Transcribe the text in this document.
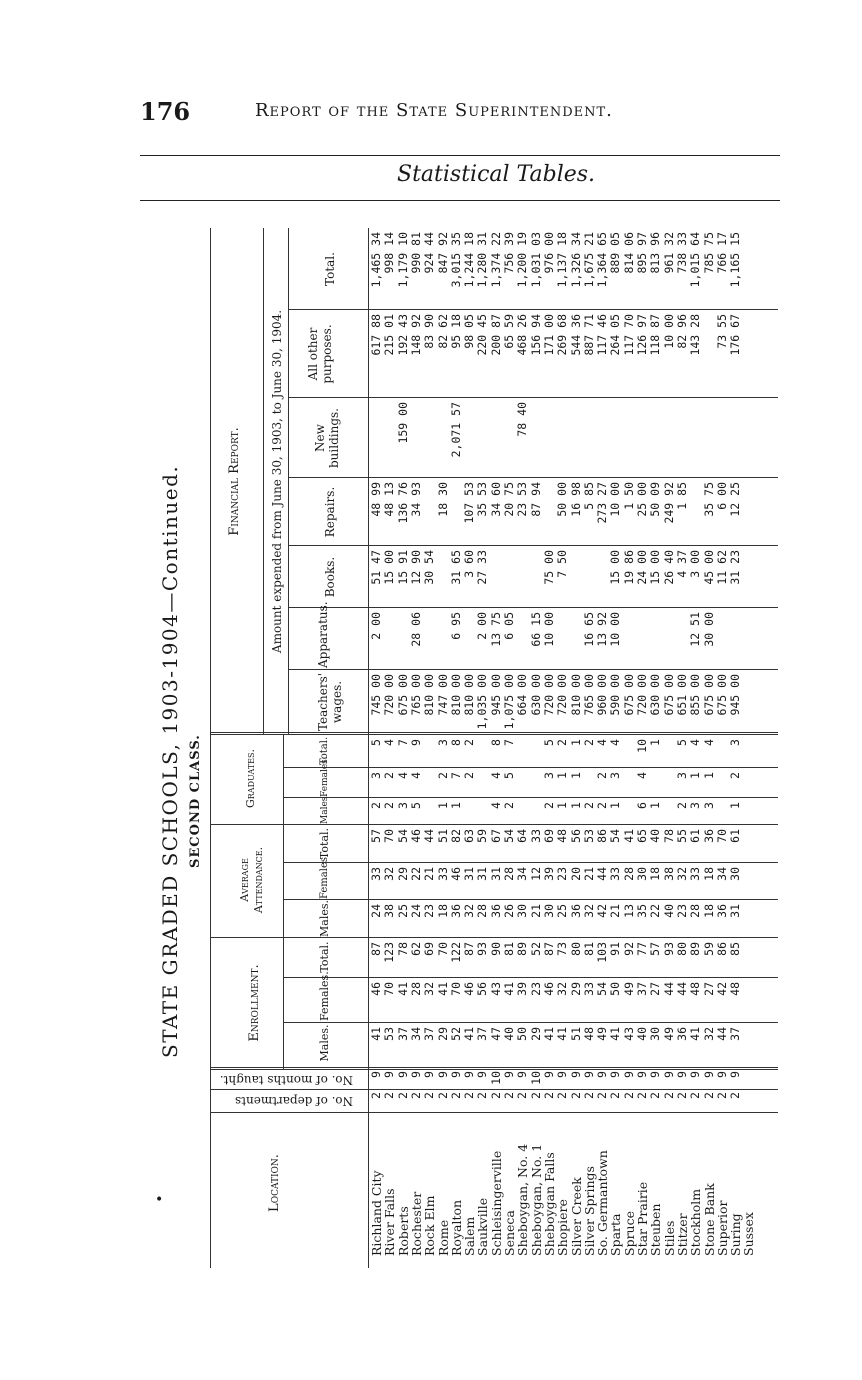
176	Report of the State Superintendent.
Statistical Tables.
•
STATE GRADED SCHOOLS, 1903-1904—Continued. SECOND CLASS.
Location.
No. of departments
No. of months taught.
Enrollment.
Average Attendance.
Graduates.
Males.
Females.
Total.
Males.
Females.
Total.
Males.
Females.
Total.
Financial Report. Amount expended from June 30, 1903, to June 30, 1904.
Teachers' wages.
Apparatus.
Books.
Repairs.
New buildings.
All other purposes.
Total.
Richland City
2
9
41
46
87
24
33
57
2
3
5
745 00
2 00
51 47
48 99
617 88
1,465 34
River Falls
2
9
53
70
123
38
32
70
2
2
4
720 00
15 00
48 13
215 01
998 14
Roberts
2
9
37
41
78
25
29
54
3
4
7
675 00
15 91
136 76
159 00
192 43
1,179 10
Rochester
2
9
34
28
62
24
22
46
5
4
9
765 00
28 06
12 90
34 93
148 92
990 81
Rock Elm
2
9
37
32
69
23
21
44
810 00
30 54
83 90
924 44
Rome
2
9
29
41
70
18
33
51
1
2
3
747 00
18 30
82 62
847 92
Royalton
2
9
52
70
122
36
46
82
1
7
8
810 00
6 95
31 65
2,071 57
95 18
3,015 35
Salem
2
9
41
46
87
32
31
63
2
2
810 00
3 60
107 53
98 05
1,244 18
Saukville
2
9
37
56
93
28
31
59
1,035 00
2 00
27 33
35 53
220 45
1,280 31
Schleisingerville
2
10
47
43
90
36
31
67
4
4
8
945 00
13 75
34 60
200 87
1,374 22
Seneca
2
9
40
41
81
26
28
54
2
5
7
1,075 00
6 05
20 75
65 59
756 39
Sheboygan, No. 4
2
9
50
39
89
30
34
64
664 00
23 53
78 40
468 26
1,200 19
Sheboygan, No. 1
2
10
29
23
52
21
12
33
630 00
66 15
87 94
156 94
1,031 03
Sheboygan Falls
2
9
41
46
87
30
39
69
2
3
5
720 00
10 00
75 00
171 00
976 00
Shopiere
2
9
41
32
73
25
23
48
1
1
2
720 00
7 50
50 00
269 68
1,137 18
Silver Creek
2
9
51
29
80
36
20
56
1
1
1
810 00
16 98
544 36
1,326 34
Silver Springs
2
9
48
33
81
32
21
53
2
2
765 00
16 65
5 85
887 71
1,675 21
So. Germantown
2
9
49
54
103
42
44
86
2
2
4
960 00
13 92
273 27
117 46
1,364 65
Sparta
2
9
41
50
91
21
33
54
1
3
4
590 00
10 00
15 00
10 00
264 05
889 05
Spruce
2
9
43
49
92
13
28
41
675 00
19 86
1 50
117 70
814 06
Star Prairie
2
9
40
37
77
35
30
65
6
4
10
720 00
24 00
25 00
126 97
895 97
Steuben
2
9
30
27
57
22
18
40
1
1
630 00
15 00
50 09
118 87
813 96
Stiles
2
9
49
44
93
40
38
78
675 00
26 40
249 92
10 00
961 32
Stitzer
2
9
36
44
80
23
32
55
2
3
5
651 00
4 37
1 85
82 96
738 33
Stockholm
2
9
41
48
89
28
33
61
3
1
4
855 00
12 51
3 00
143 28
1,015 64
Stone Bank
2
9
32
27
59
18
18
36
3
1
4
675 00
30 00
45 00
35 75
785 75
Superior
2
9
44
42
86
36
34
70
675 00
11 62
6 00
73 55
766 17
Suring
2
9
37
48
85
31
30
61
1
2
3
945 00
31 23
12 25
176 67
1,165 15
Sussex
